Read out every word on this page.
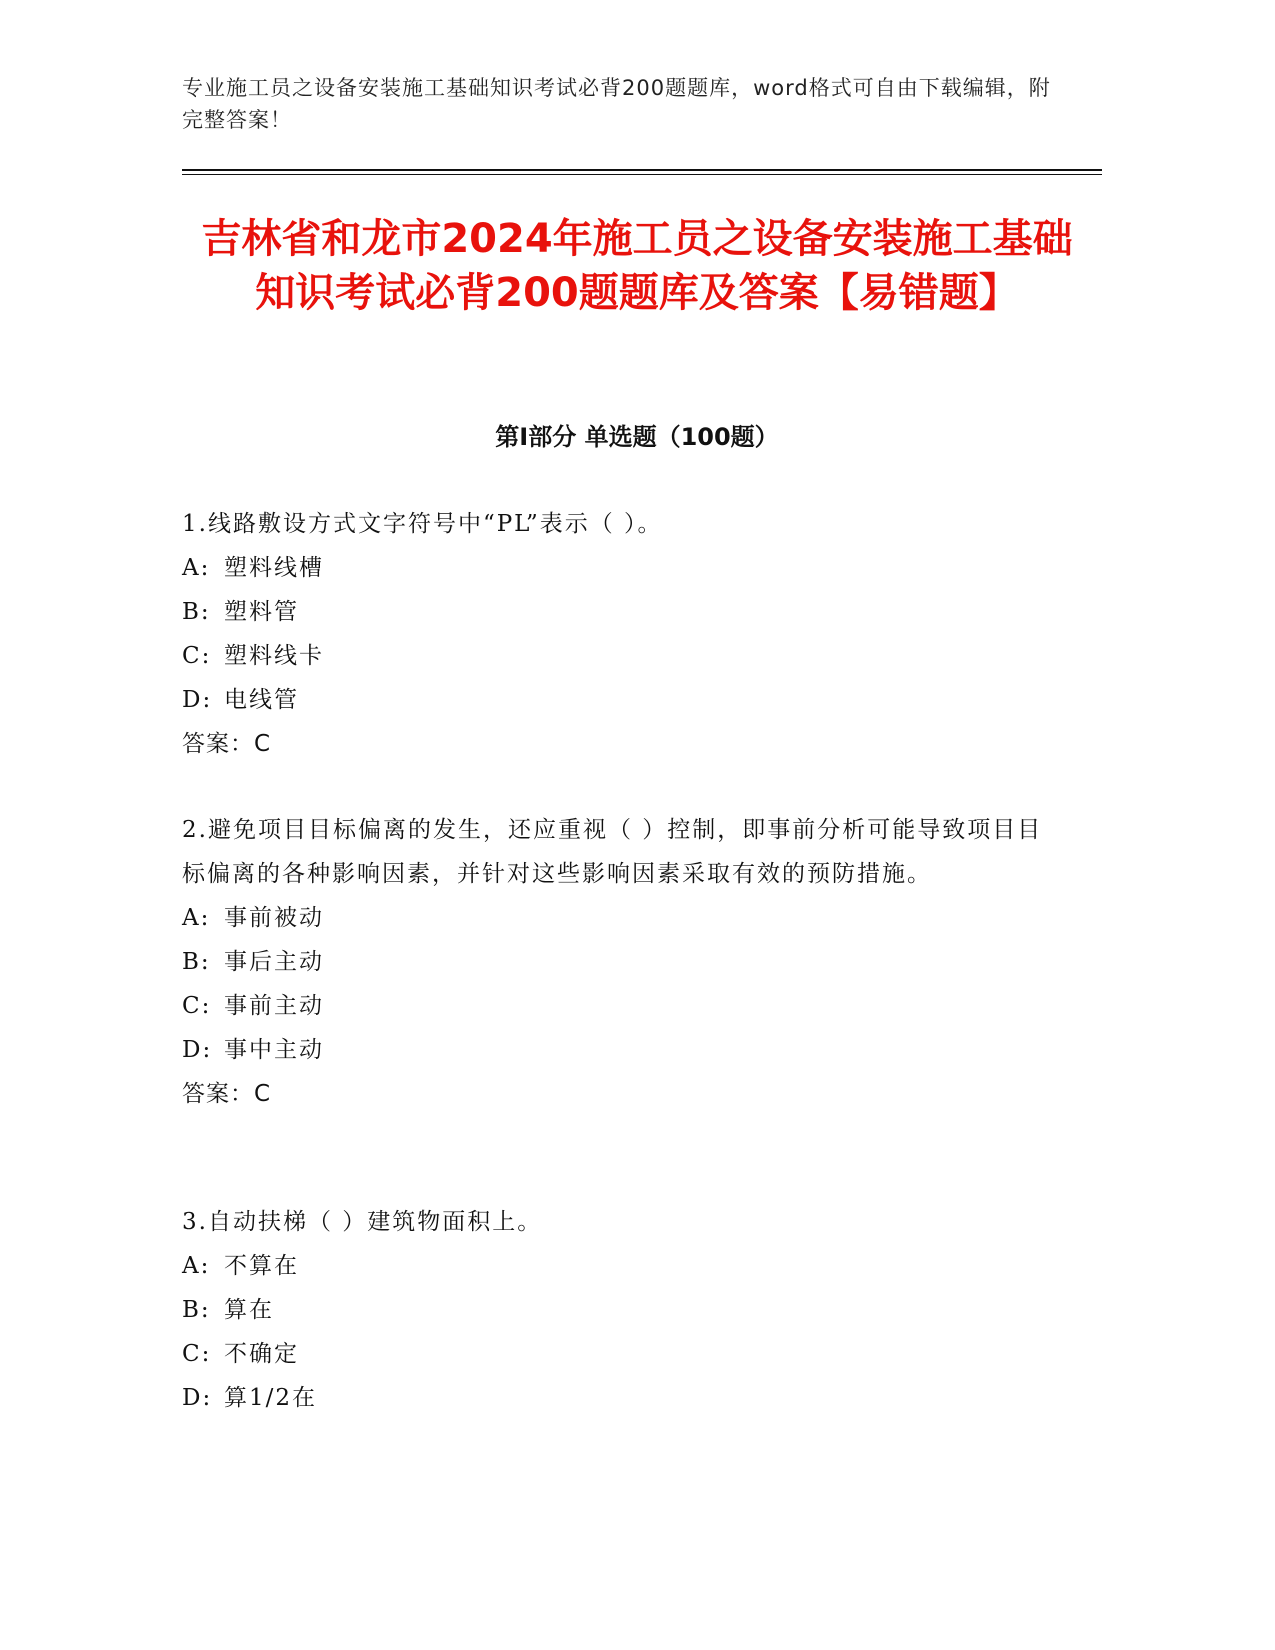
专业施工员之设备安装施工基础知识考试必背200题题库，word格式可自由下载编辑，附完整答案！
吉林省和龙市2024年施工员之设备安装施工基础知识考试必背200题题库及答案【易错题】
第I部分 单选题（100题）
1.线路敷设方式文字符号中“PL”表示（ ）。
A: 塑料线槽
B: 塑料管
C: 塑料线卡
D: 电线管
答案：C
2.避免项目目标偏离的发生，还应重视（ ）控制，即事前分析可能导致项目目标偏离的各种影响因素，并针对这些影响因素采取有效的预防措施。
A: 事前被动
B: 事后主动
C: 事前主动
D: 事中主动
答案：C
3.自动扶梯（ ）建筑物面积上。
A: 不算在
B: 算在
C: 不确定
D: 算1/2在
